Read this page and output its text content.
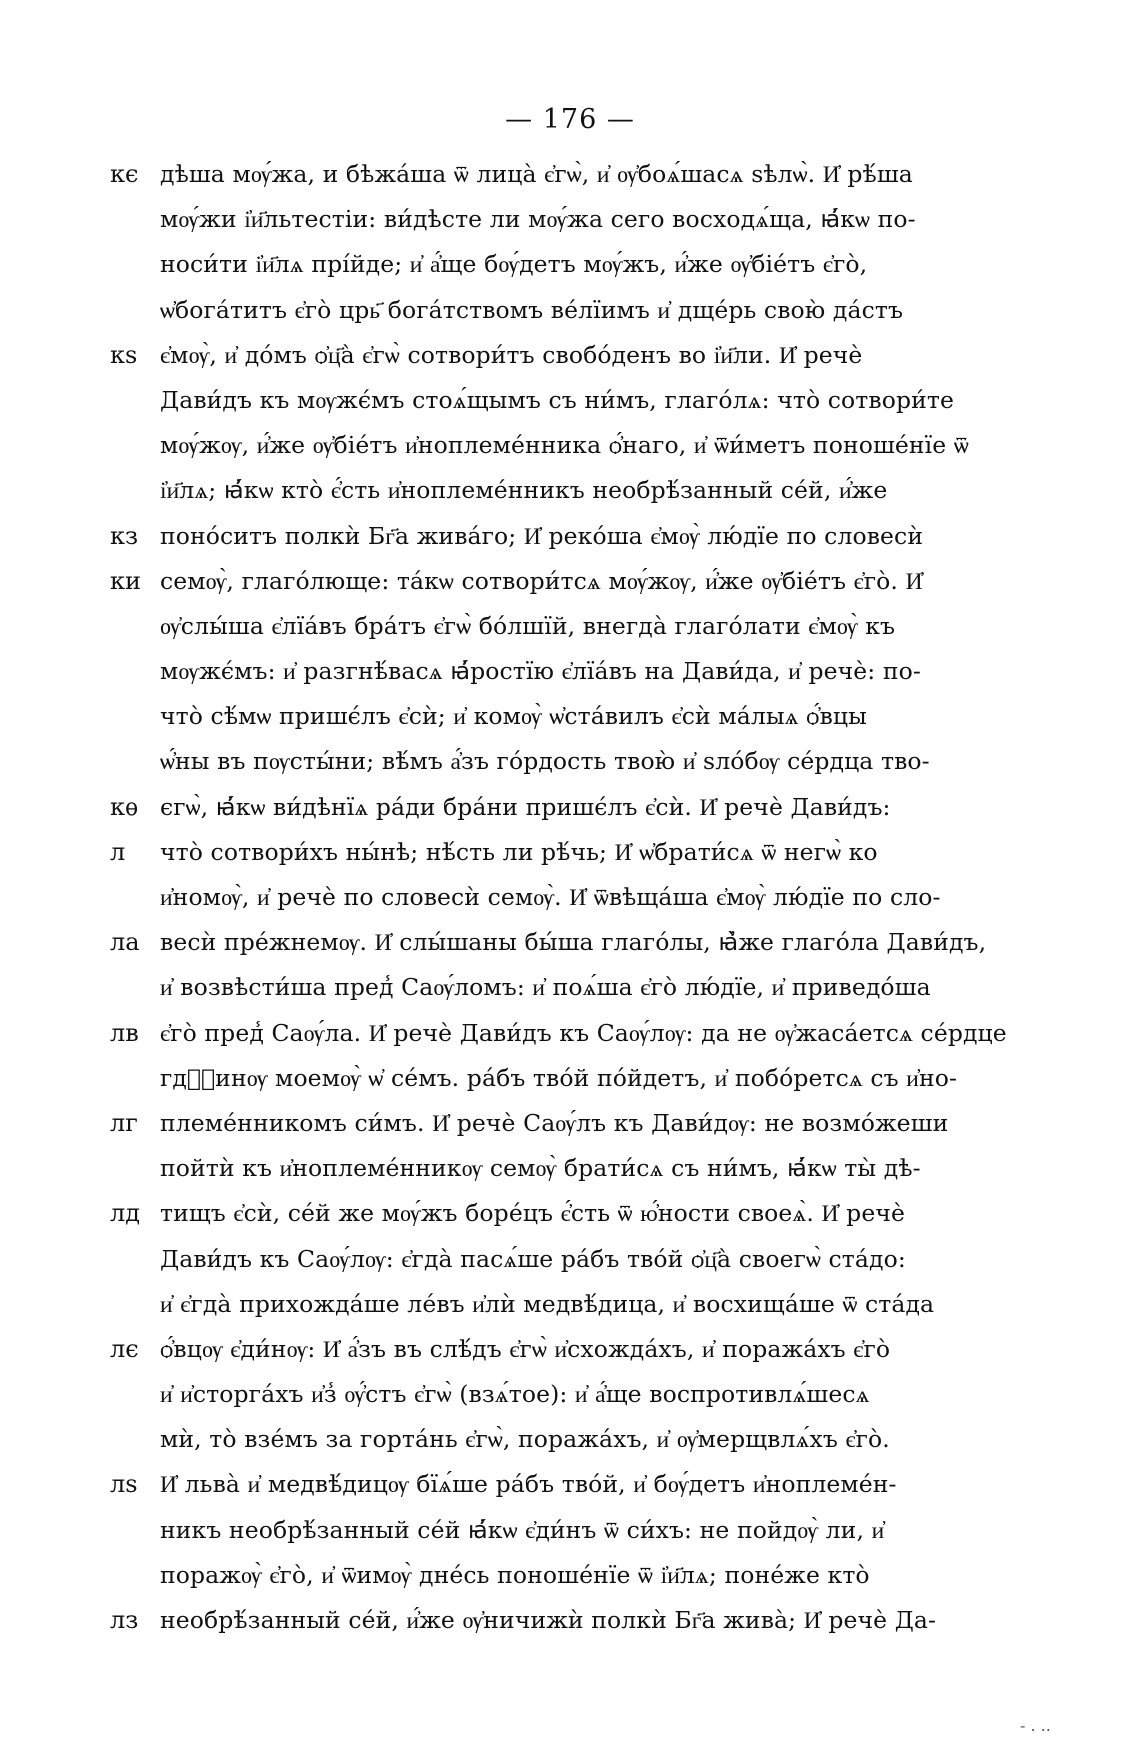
— 176 —
кє дѣша мѹ́жа, и бѣжа́ша ѿ лица̀ є҆гѡ̀, и҆ ѹ҆боѧ́шасѧ ѕѣлѡ̀. И҆ рѣ́ша
мѹ́жи і҆и҃льтестіи: ви́дѣсте ли мѹ́жа сего восходѧ́ща, ꙗ҆́кѡ по-
носи́ти і҆и҃лѧ прі́йде; и҆ а҆́ще бѹ́детъ мѹ́жъ, и҆́же ѹ҆біе́тъ є҆го̀,
ѡ҆бога́титъ є҆го̀ црь҃ бога́тствомъ ве́лїимъ и҆ дще́рь свою̀ да́стъ
кѕ є҆мѹ̀, и҆ до́мъ ѻ҆ц҃а̀ є҆гѡ̀ сотвори́тъ свобо́денъ во і҆и҃ли. И҆ речѐ
Дави́дъ къ мѹжє́мъ стоѧ́щымъ съ ни́мъ, глаго́лѧ: что̀ сотвори́те
мѹ́жѹ, и҆́же ѹ҆біе́тъ и҆ноплеме́нника ѻ҆́наго, и҆ ѿи́метъ поноше́нїе ѿ
і҆и҃лѧ; ꙗ҆́кѡ кто̀ є҆́сть и҆ноплеме́нникъ необрѣ́занный се́й, и҆́же
кз поно́ситъ полкѝ Бг҃а жива́го; И҆ реко́ша є҆мѹ̀ лю́дїе по словесѝ
ки семѹ̀, глаго́люще: та́кѡ сотвори́тсѧ мѹ́жѹ, и҆́же ѹ҆біе́тъ є҆го̀. И҆
ѹ҆слы́ша є҆лїа́въ бра́тъ є҆гѡ̀ бо́лшїй, внегда̀ глаго́лати є҆мѹ̀ къ
мѹжє́мъ: и҆ разгнѣ́васѧ ꙗ҆́ростїю є҆лїа́въ на Дави́да, и҆ речѐ: по-
что̀ сѣ́мѡ пришє́лъ є҆сѝ; и҆ комѹ̀ ѡ҆ста́вилъ є҆сѝ ма́лыѧ ѻ҆́вцы
ѡ҆́ны въ пѹсты́ни; вѣ́мъ а҆́зъ го́рдость твою̀ и҆ ѕло́бѹ се́рдца тво-
кѳ єгѡ̀, ꙗ҆́кѡ ви́дѣнїѧ ра́ди бра́ни пришє́лъ є҆сѝ. И҆ речѐ Дави́дъ:
л	что̀ сотвори́хъ ны́нѣ; нѣ́сть ли рѣ́чь; И҆ ѡ҆брати́сѧ ѿ негѡ̀ ко
и҆номѹ̀, и҆ речѐ по словесѝ семѹ̀. И҆ ѿвѣща́ша є҆мѹ̀ лю́дїе по сло-
ла весѝ пре́жнемѹ. И҆ слы́шаны бы́ша глаго́лы, ꙗ҆̀же глаго́ла Дави́дъ,
и҆ возвѣсти́ша пред̾ Саѹ́ломъ: и҆ поѧ́ша є҆го̀ лю́дїе, и҆ приведо́ша
лв є҆го̀ пред̾ Саѹ́ла. И҆ речѐ Дави́дъ къ Саѹ́лѹ: да не ѹ҆жаса́етсѧ се́рдце
гдⷭ҇инѹ моемѹ̀ ѡ҆ се́мъ. ра́бъ тво́й по́йдетъ, и҆ побо́ретсѧ съ и҆но-
лг племе́нникомъ си́мъ. И҆ речѐ Саѹ́лъ къ Дави́дѹ: не возмо́жеши
пойтѝ къ и҆ноплеме́нникѹ семѹ̀ брати́сѧ съ ни́мъ, ꙗ҆́кѡ ты̀ дѣ-
лд тищъ є҆сѝ, се́й же мѹ́жъ боре́цъ є҆́сть ѿ ю҆́ности своеѧ̀. И҆ речѐ
Дави́дъ къ Саѹ́лѹ: є҆гда̀ пасѧ́ше ра́бъ тво́й ѻ҆ц҃а̀ своегѡ̀ ста́до:
и҆ є҆гда̀ прихожда́ше ле́въ и҆лѝ медвѣ́дица, и҆ восхища́ше ѿ ста́да
лє ѻ҆́вцѹ є҆ди́нѹ: И҆ а҆́зъ въ слѣ́дъ є҆гѡ̀ и҆схожда́хъ, и҆ поража́хъ є҆го̀
и҆ и҆сторга́хъ и҆з̾ ѹ҆́стъ є҆гѡ̀ (взѧ́тое): и҆ а҆́ще воспротивлѧ́шесѧ
мѝ, то̀ взе́мъ за горта́нь є҆гѡ̀, поража́хъ, и҆ ѹ҆мерщвлѧ́хъ є҆го̀.
лѕ И҆ льва̀ и҆ медвѣ́дицѹ бїѧ́ше ра́бъ тво́й, и҆ бѹ́детъ и҆ноплеме́н-
никъ необрѣ́занный се́й ꙗ҆́кѡ є҆ди́нъ ѿ си́хъ: не пойдѹ̀ ли, и҆
поражѹ̀ є҆го̀, и҆ ѿимѹ̀ дне́сь поноше́нїе ѿ і҆и҃лѧ; поне́же кто̀
лз необрѣ́занный се́й, и҆́же ѹ҆ничижѝ полкѝ Бг҃а жива̀; И҆ речѐ Да-
- . ..
